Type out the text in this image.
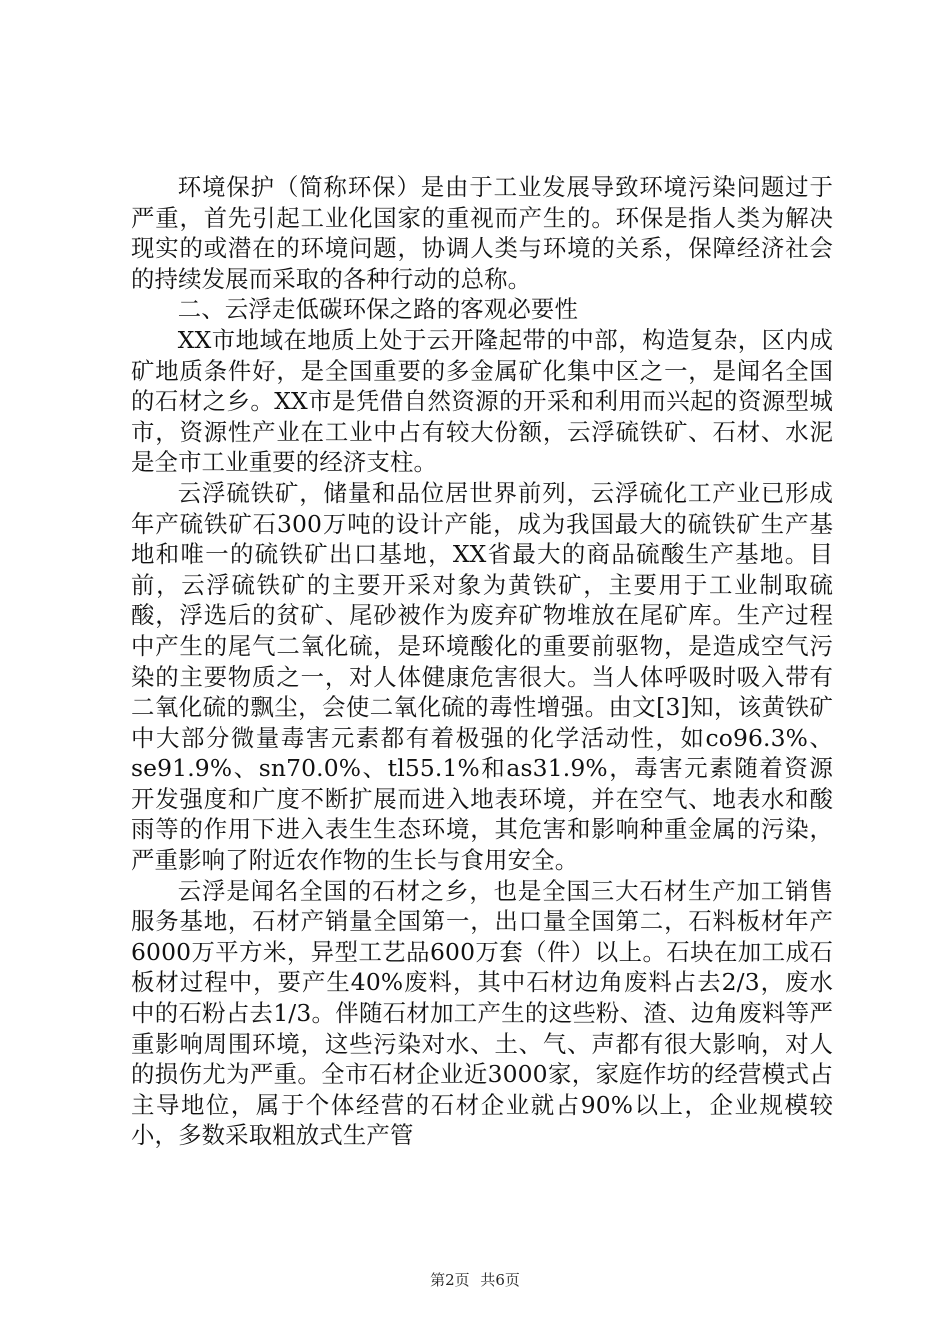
环境保护（简称环保）是由于工业发展导致环境污染问题过于严重，首先引起工业化国家的重视而产生的。环保是指人类为解决现实的或潜在的环境问题，协调人类与环境的关系，保障经济社会的持续发展而采取的各种行动的总称。

二、云浮走低碳环保之路的客观必要性

XX市地域在地质上处于云开隆起带的中部，构造复杂，区内成矿地质条件好，是全国重要的多金属矿化集中区之一，是闻名全国的石材之乡。XX市是凭借自然资源的开采和利用而兴起的资源型城市，资源性产业在工业中占有较大份额，云浮硫铁矿、石材、水泥是全市工业重要的经济支柱。

云浮硫铁矿，储量和品位居世界前列，云浮硫化工产业已形成年产硫铁矿石300万吨的设计产能，成为我国最大的硫铁矿生产基地和唯一的硫铁矿出口基地，XX省最大的商品硫酸生产基地。目前，云浮硫铁矿的主要开采对象为黄铁矿，主要用于工业制取硫酸，浮选后的贫矿、尾砂被作为废弃矿物堆放在尾矿库。生产过程中产生的尾气二氧化硫，是环境酸化的重要前驱物，是造成空气污染的主要物质之一，对人体健康危害很大。当人体呼吸时吸入带有二氧化硫的飘尘，会使二氧化硫的毒性增强。由文[3]知，该黄铁矿中大部分微量毒害元素都有着极强的化学活动性，如co96.3%、se91.9%、sn70.0%、tl55.1%和as31.9%，毒害元素随着资源开发强度和广度不断扩展而进入地表环境，并在空气、地表水和酸雨等的作用下进入表生生态环境，其危害和影响种重金属的污染，严重影响了附近农作物的生长与食用安全。

云浮是闻名全国的石材之乡，也是全国三大石材生产加工销售服务基地，石材产销量全国第一，出口量全国第二，石料板材年产6000万平方米，异型工艺品600万套（件）以上。石块在加工成石板材过程中，要产生40%废料，其中石材边角废料占去2/3，废水中的石粉占去1/3。伴随石材加工产生的这些粉、渣、边角废料等严重影响周围环境，这些污染对水、土、气、声都有很大影响，对人的损伤尤为严重。全市石材企业近3000家，家庭作坊的经营模式占主导地位，属于个体经营的石材企业就占90%以上，企业规模较小，多数采取粗放式生产管

第2页 共6页
